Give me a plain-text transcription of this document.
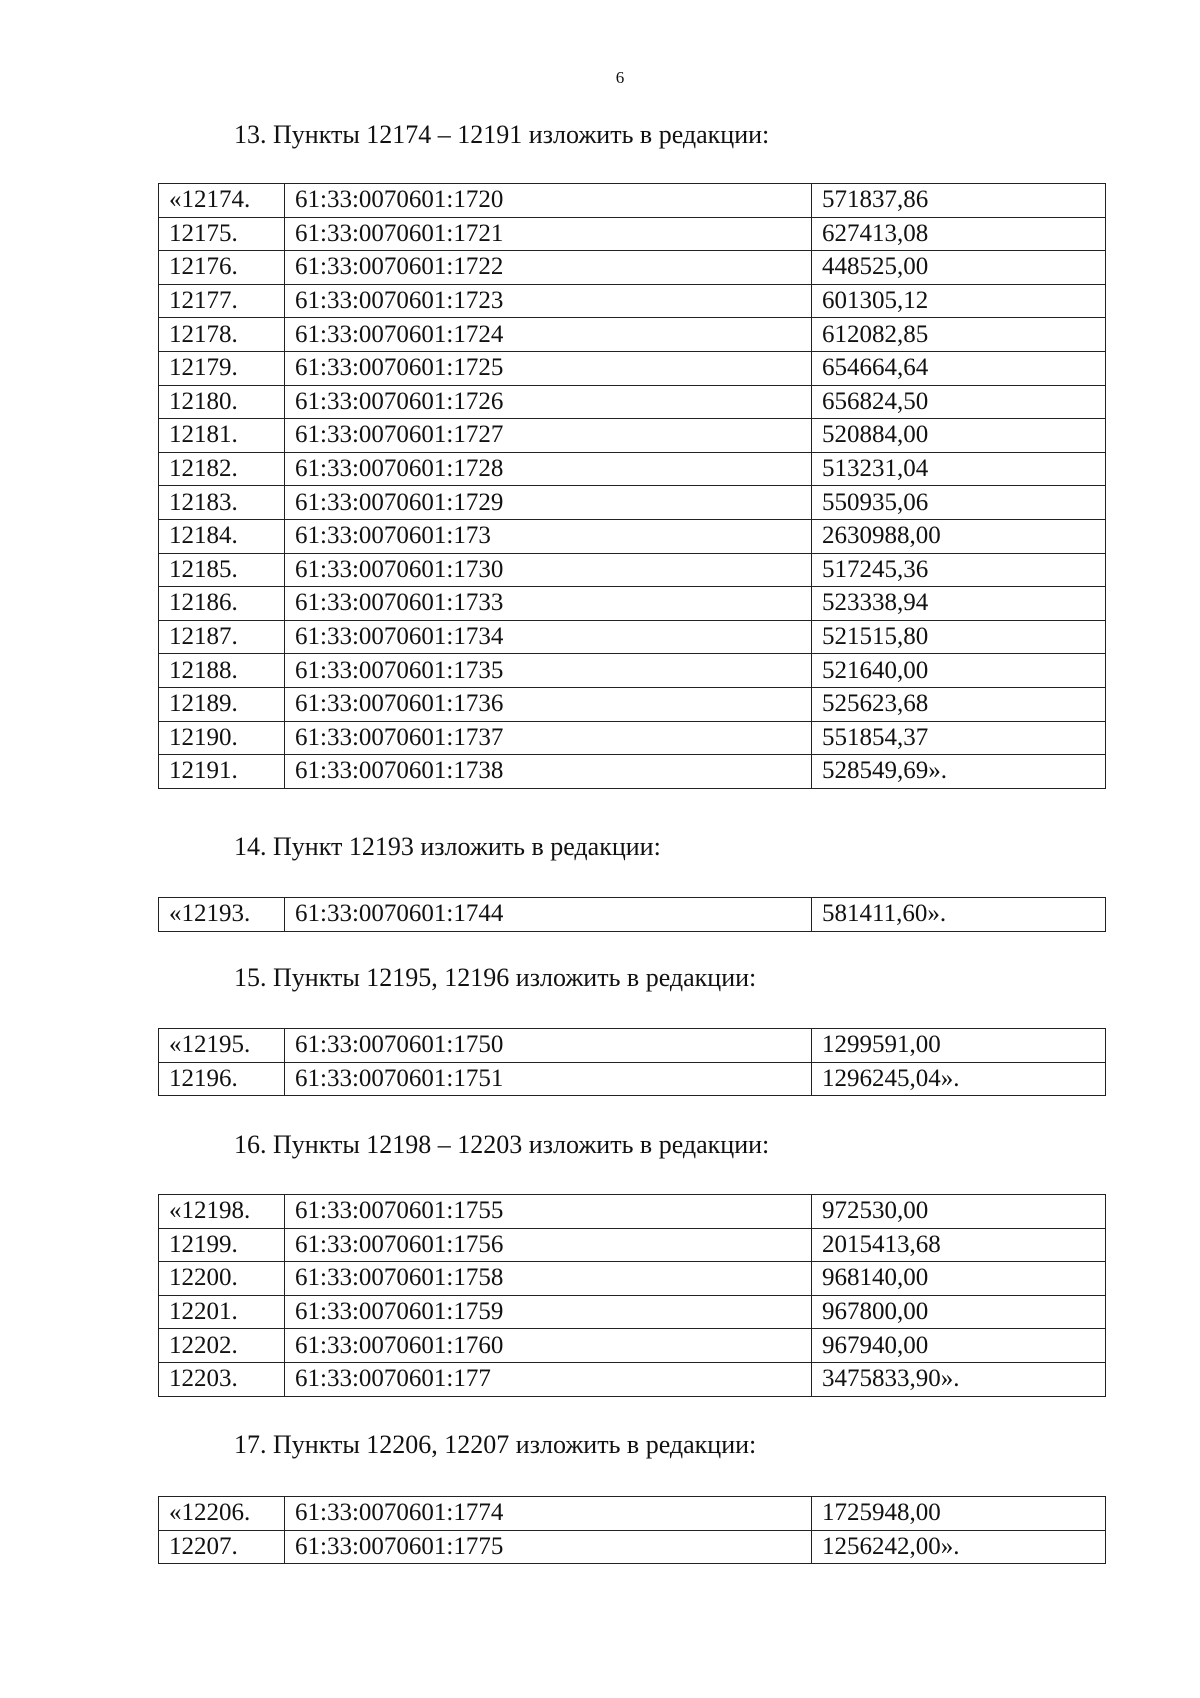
6
13. Пункты 12174 – 12191 изложить в редакции:
«12174.	61:33:0070601:1720	571837,86
12175.	61:33:0070601:1721	627413,08
12176.	61:33:0070601:1722	448525,00
12177.	61:33:0070601:1723	601305,12
12178.	61:33:0070601:1724	612082,85
12179.	61:33:0070601:1725	654664,64
12180.	61:33:0070601:1726	656824,50
12181.	61:33:0070601:1727	520884,00
12182.	61:33:0070601:1728	513231,04
12183.	61:33:0070601:1729	550935,06
12184.	61:33:0070601:173	2630988,00
12185.	61:33:0070601:1730	517245,36
12186.	61:33:0070601:1733	523338,94
12187.	61:33:0070601:1734	521515,80
12188.	61:33:0070601:1735	521640,00
12189.	61:33:0070601:1736	525623,68
12190.	61:33:0070601:1737	551854,37
12191.	61:33:0070601:1738	528549,69».
14. Пункт 12193 изложить в редакции:
«12193.	61:33:0070601:1744	581411,60».
15. Пункты 12195, 12196 изложить в редакции:
«12195.	61:33:0070601:1750	1299591,00
12196.	61:33:0070601:1751	1296245,04».
16. Пункты 12198 – 12203 изложить в редакции:
«12198.	61:33:0070601:1755	972530,00
12199.	61:33:0070601:1756	2015413,68
12200.	61:33:0070601:1758	968140,00
12201.	61:33:0070601:1759	967800,00
12202.	61:33:0070601:1760	967940,00
12203.	61:33:0070601:177	3475833,90».
17. Пункты 12206, 12207 изложить в редакции:
«12206.	61:33:0070601:1774	1725948,00
12207.	61:33:0070601:1775	1256242,00».
